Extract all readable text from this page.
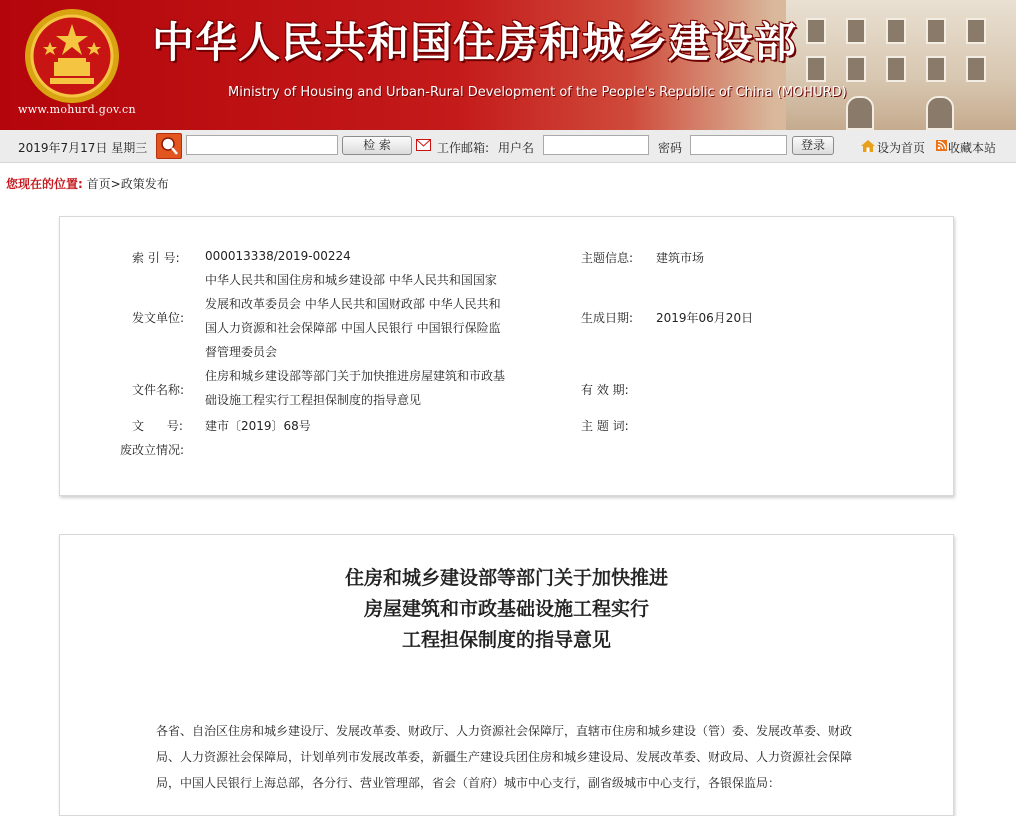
www.mohurd.gov.cn
中华人民共和国住房和城乡建设部
Ministry of Housing and Urban-Rural Development of the People's Republic of China (MOHURD)
2019年7月17日 星期三	工作邮箱: 用户名	密码	设为首页 收藏本站
检 索	登录
您现在的位置: 首页>政策发布
索 引 号: 000013338/2019-00224	主题信息: 建筑市场
发文单位:
中华人民共和国住房和城乡建设部 中华人民共和国国家
发展和改革委员会 中华人民共和国财政部 中华人民共和
国人力资源和社会保障部 中国人民银行 中国银行保险监
督管理委员会
生成日期: 2019年06月20日
文件名称:
住房和城乡建设部等部门关于加快推进房屋建筑和市政基
础设施工程实行工程担保制度的指导意见
有 效 期:
文      号: 建市〔2019〕68号	主 题 词:
废改立情况:
住房和城乡建设部等部门关于加快推进
房屋建筑和市政基础设施工程实行
工程担保制度的指导意见
各省、自治区住房和城乡建设厅、发展改革委、财政厅、人力资源社会保障厅，直辖市住房和城乡建设（管）委、发展改革委、财政
局、人力资源社会保障局，计划单列市发展改革委，新疆生产建设兵团住房和城乡建设局、发展改革委、财政局、人力资源社会保障
局，中国人民银行上海总部，各分行、营业管理部，省会（首府）城市中心支行，副省级城市中心支行，各银保监局：
